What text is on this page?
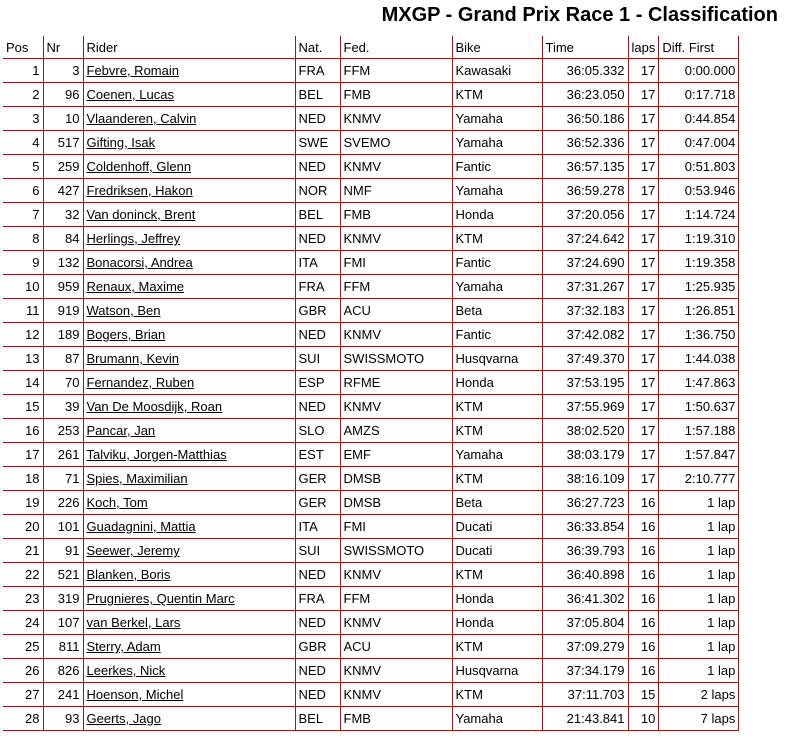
MXGP - Grand Prix Race 1 - Classification
Pos	Nr	Rider	Nat.	Fed.	Bike	Time	laps	Diff. First
1	3	Febvre, Romain	FRA	FFM	Kawasaki	36:05.332	17	0:00.000
2	96	Coenen, Lucas	BEL	FMB	KTM	36:23.050	17	0:17.718
3	10	Vlaanderen, Calvin	NED	KNMV	Yamaha	36:50.186	17	0:44.854
4	517	Gifting, Isak	SWE	SVEMO	Yamaha	36:52.336	17	0:47.004
5	259	Coldenhoff, Glenn	NED	KNMV	Fantic	36:57.135	17	0:51.803
6	427	Fredriksen, Hakon	NOR	NMF	Yamaha	36:59.278	17	0:53.946
7	32	Van doninck, Brent	BEL	FMB	Honda	37:20.056	17	1:14.724
8	84	Herlings, Jeffrey	NED	KNMV	KTM	37:24.642	17	1:19.310
9	132	Bonacorsi, Andrea	ITA	FMI	Fantic	37:24.690	17	1:19.358
10	959	Renaux, Maxime	FRA	FFM	Yamaha	37:31.267	17	1:25.935
11	919	Watson, Ben	GBR	ACU	Beta	37:32.183	17	1:26.851
12	189	Bogers, Brian	NED	KNMV	Fantic	37:42.082	17	1:36.750
13	87	Brumann, Kevin	SUI	SWISSMOTO	Husqvarna	37:49.370	17	1:44.038
14	70	Fernandez, Ruben	ESP	RFME	Honda	37:53.195	17	1:47.863
15	39	Van De Moosdijk, Roan	NED	KNMV	KTM	37:55.969	17	1:50.637
16	253	Pancar, Jan	SLO	AMZS	KTM	38:02.520	17	1:57.188
17	261	Talviku, Jorgen-Matthias	EST	EMF	Yamaha	38:03.179	17	1:57.847
18	71	Spies, Maximilian	GER	DMSB	KTM	38:16.109	17	2:10.777
19	226	Koch, Tom	GER	DMSB	Beta	36:27.723	16	1 lap
20	101	Guadagnini, Mattia	ITA	FMI	Ducati	36:33.854	16	1 lap
21	91	Seewer, Jeremy	SUI	SWISSMOTO	Ducati	36:39.793	16	1 lap
22	521	Blanken, Boris	NED	KNMV	KTM	36:40.898	16	1 lap
23	319	Prugnieres, Quentin Marc	FRA	FFM	Honda	36:41.302	16	1 lap
24	107	van Berkel, Lars	NED	KNMV	Honda	37:05.804	16	1 lap
25	811	Sterry, Adam	GBR	ACU	KTM	37:09.279	16	1 lap
26	826	Leerkes, Nick	NED	KNMV	Husqvarna	37:34.179	16	1 lap
27	241	Hoenson, Michel	NED	KNMV	KTM	37:11.703	15	2 laps
28	93	Geerts, Jago	BEL	FMB	Yamaha	21:43.841	10	7 laps
